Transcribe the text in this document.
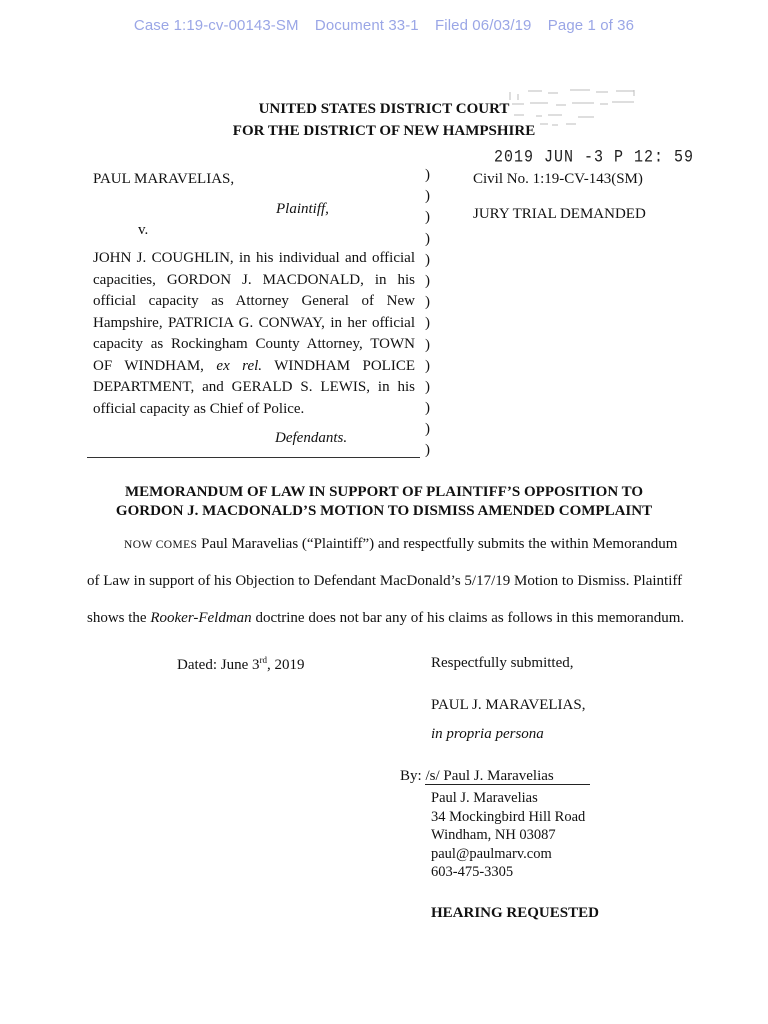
Case 1:19-cv-00143-SM Document 33-1 Filed 06/03/19 Page 1 of 36
UNITED STATES DISTRICT COURT
FOR THE DISTRICT OF NEW HAMPSHIRE
2019 JUN -3 P 12: 59
PAUL MARAVELIAS,
Plaintiff,
v.
JOHN J. COUGHLIN, in his individual and official capacities, GORDON J. MACDONALD, in his official capacity as Attorney General of New Hampshire, PATRICIA G. CONWAY, in her official capacity as Rockingham County Attorney, TOWN OF WINDHAM, ex rel. WINDHAM POLICE DEPARTMENT, and GERALD S. LEWIS, in his official capacity as Chief of Police.
Defendants.
)
)
)
)
)
)
)
)
)
)
)
)
)
)
Civil No. 1:19-CV-143(SM)
JURY TRIAL DEMANDED
MEMORANDUM OF LAW IN SUPPORT OF PLAINTIFF’S OPPOSITION TO
GORDON J. MACDONALD’S MOTION TO DISMISS AMENDED COMPLAINT
NOW COMES Paul Maravelias (“Plaintiff”) and respectfully submits the within Memorandum
of Law in support of his Objection to Defendant MacDonald’s 5/17/19 Motion to Dismiss. Plaintiff
shows the Rooker-Feldman doctrine does not bar any of his claims as follows in this memorandum.
Dated: June 3rd, 2019	Respectfully submitted,
PAUL J. MARAVELIAS,
in propria persona
By: /s/ Paul J. Maravelias
Paul J. Maravelias
34 Mockingbird Hill Road
Windham, NH 03087
paul@paulmarv.com
603-475-3305
HEARING REQUESTED
